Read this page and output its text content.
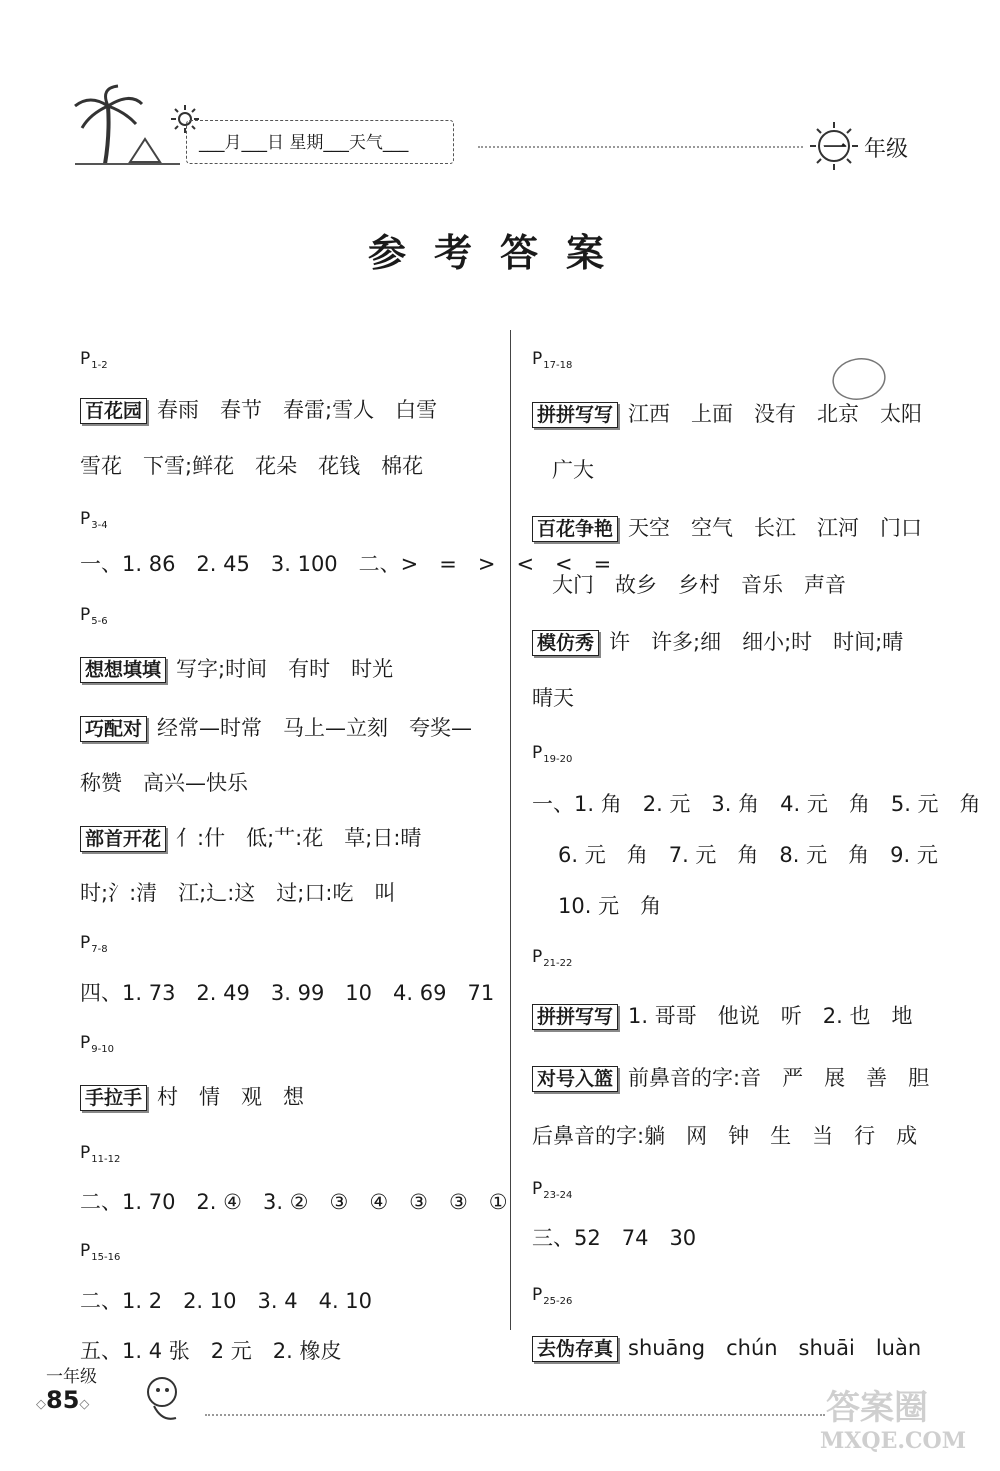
___月___日 星期___天气___	一 年级
参考答案
$P_{1-2}$
百花园 春雨　春节　春雷;雪人　白雪
雪花　下雪;鲜花　花朵　花钱　棉花
$P_{3-4}$
一、1. 86　2. 45　3. 100　二、>　=　>　<　<　=
$P_{5-6}$
想想填填 写字;时间　有时　时光
巧配对 经常—时常　马上—立刻　夸奖—
称赞　高兴—快乐
部首开花 亻:什　低;艹:花　草;日:晴
时;氵:清　江;辶:这　过;口:吃　叫
$P_{7-8}$
四、1. 73　2. 49　3. 99　10　4. 69　71
$P_{9-10}$
手拉手 村　情　观　想
$P_{11-12}$
二、1. 70　2. ④　3. ②　③　④　③　③　①
$P_{15-16}$
二、1. 2　2. 10　3. 4　4. 10
五、1. 4 张　2 元　2. 橡皮
$P_{17-18}$
拼拼写写 江西　上面　没有　北京　太阳
广大
百花争艳 天空　空气　长江　江河　门口
大门　故乡　乡村　音乐　声音
模仿秀 许　许多;细　细小;时　时间;晴
晴天
$P_{19-20}$
一、1. 角　2. 元　3. 角　4. 元　角　5. 元　角
6. 元　角　7. 元　角　8. 元　角　9. 元
10. 元　角
$P_{21-22}$
拼拼写写 1. 哥哥　他说　听　2. 也　地
对号入篮 前鼻音的字:音　严　展　善　胆
后鼻音的字:躺　网　钟　生　当　行　成
$P_{23-24}$
三、52　74　30
$P_{25-26}$
去伪存真 shuāng　chún　shuāi　luàn
一年级
◇85◇	答案圈
MXQE.COM
